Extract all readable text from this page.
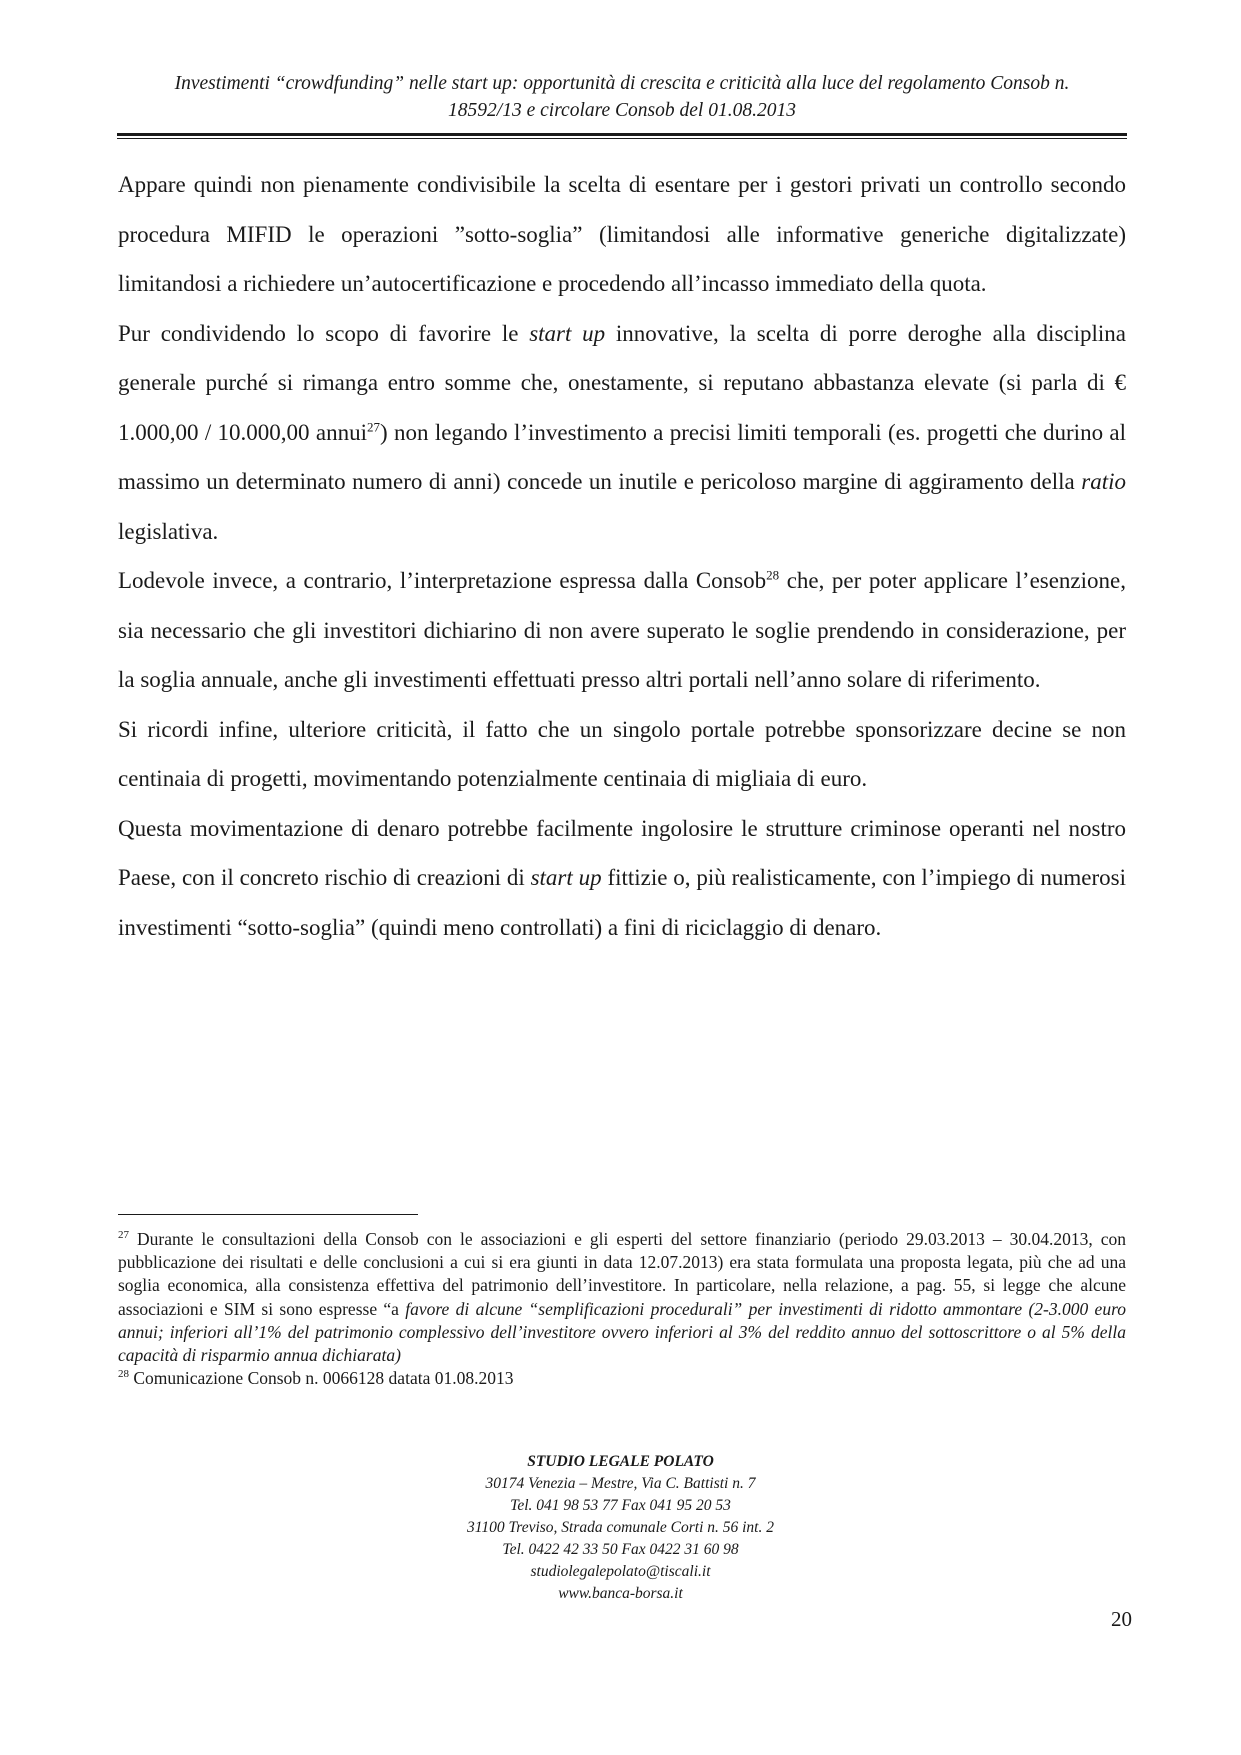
Investimenti “crowdfunding” nelle start up: opportunità di crescita e criticità alla luce del regolamento Consob n.
18592/13 e circolare Consob del 01.08.2013

Appare quindi non pienamente condivisibile la scelta di esentare per i gestori privati un controllo secondo procedura MIFID le operazioni ”sotto-soglia” (limitandosi alle informative generiche digitalizzate) limitandosi a richiedere un’autocertificazione e procedendo all’incasso immediato della quota.

Pur condividendo lo scopo di favorire le start up innovative, la scelta di porre deroghe alla disciplina generale purché si rimanga entro somme che, onestamente, si reputano abbastanza elevate (si parla di € 1.000,00 / 10.000,00 annui$^{27}$) non legando l’investimento a precisi limiti temporali (es. progetti che durino al massimo un determinato numero di anni) concede un inutile e pericoloso margine di aggiramento della ratio legislativa.

Lodevole invece, a contrario, l’interpretazione espressa dalla Consob$^{28}$ che, per poter applicare l’esenzione, sia necessario che gli investitori dichiarino di non avere superato le soglie prendendo in considerazione, per la soglia annuale, anche gli investimenti effettuati presso altri portali nell’anno solare di riferimento.

Si ricordi infine, ulteriore criticità, il fatto che un singolo portale potrebbe sponsorizzare decine se non centinaia di progetti, movimentando potenzialmente centinaia di migliaia di euro.

Questa movimentazione di denaro potrebbe facilmente ingolosire le strutture criminose operanti nel nostro Paese, con il concreto rischio di creazioni di start up fittizie o, più realisticamente, con l’impiego di numerosi investimenti “sotto-soglia” (quindi meno controllati) a fini di riciclaggio di denaro.

$^{27}$ Durante le consultazioni della Consob con le associazioni e gli esperti del settore finanziario (periodo 29.03.2013 – 30.04.2013, con pubblicazione dei risultati e delle conclusioni a cui si era giunti in data 12.07.2013) era stata formulata una proposta legata, più che ad una soglia economica, alla consistenza effettiva del patrimonio dell’investitore. In particolare, nella relazione, a pag. 55, si legge che alcune associazioni e SIM si sono espresse “a favore di alcune “semplificazioni procedurali” per investimenti di ridotto ammontare (2-3.000 euro annui; inferiori all’1% del patrimonio complessivo dell’investitore ovvero inferiori al 3% del reddito annuo del sottoscrittore o al 5% della capacità di risparmio annua dichiarata)

$^{28}$ Comunicazione Consob n. 0066128 datata 01.08.2013

STUDIO LEGALE POLATO
30174 Venezia – Mestre, Via C. Battisti n. 7
Tel. 041 98 53 77 Fax 041 95 20 53
31100 Treviso, Strada comunale Corti n. 56 int. 2
Tel. 0422 42 33 50 Fax 0422 31 60 98
studiolegalepolato@tiscali.it
www.banca-borsa.it
20
